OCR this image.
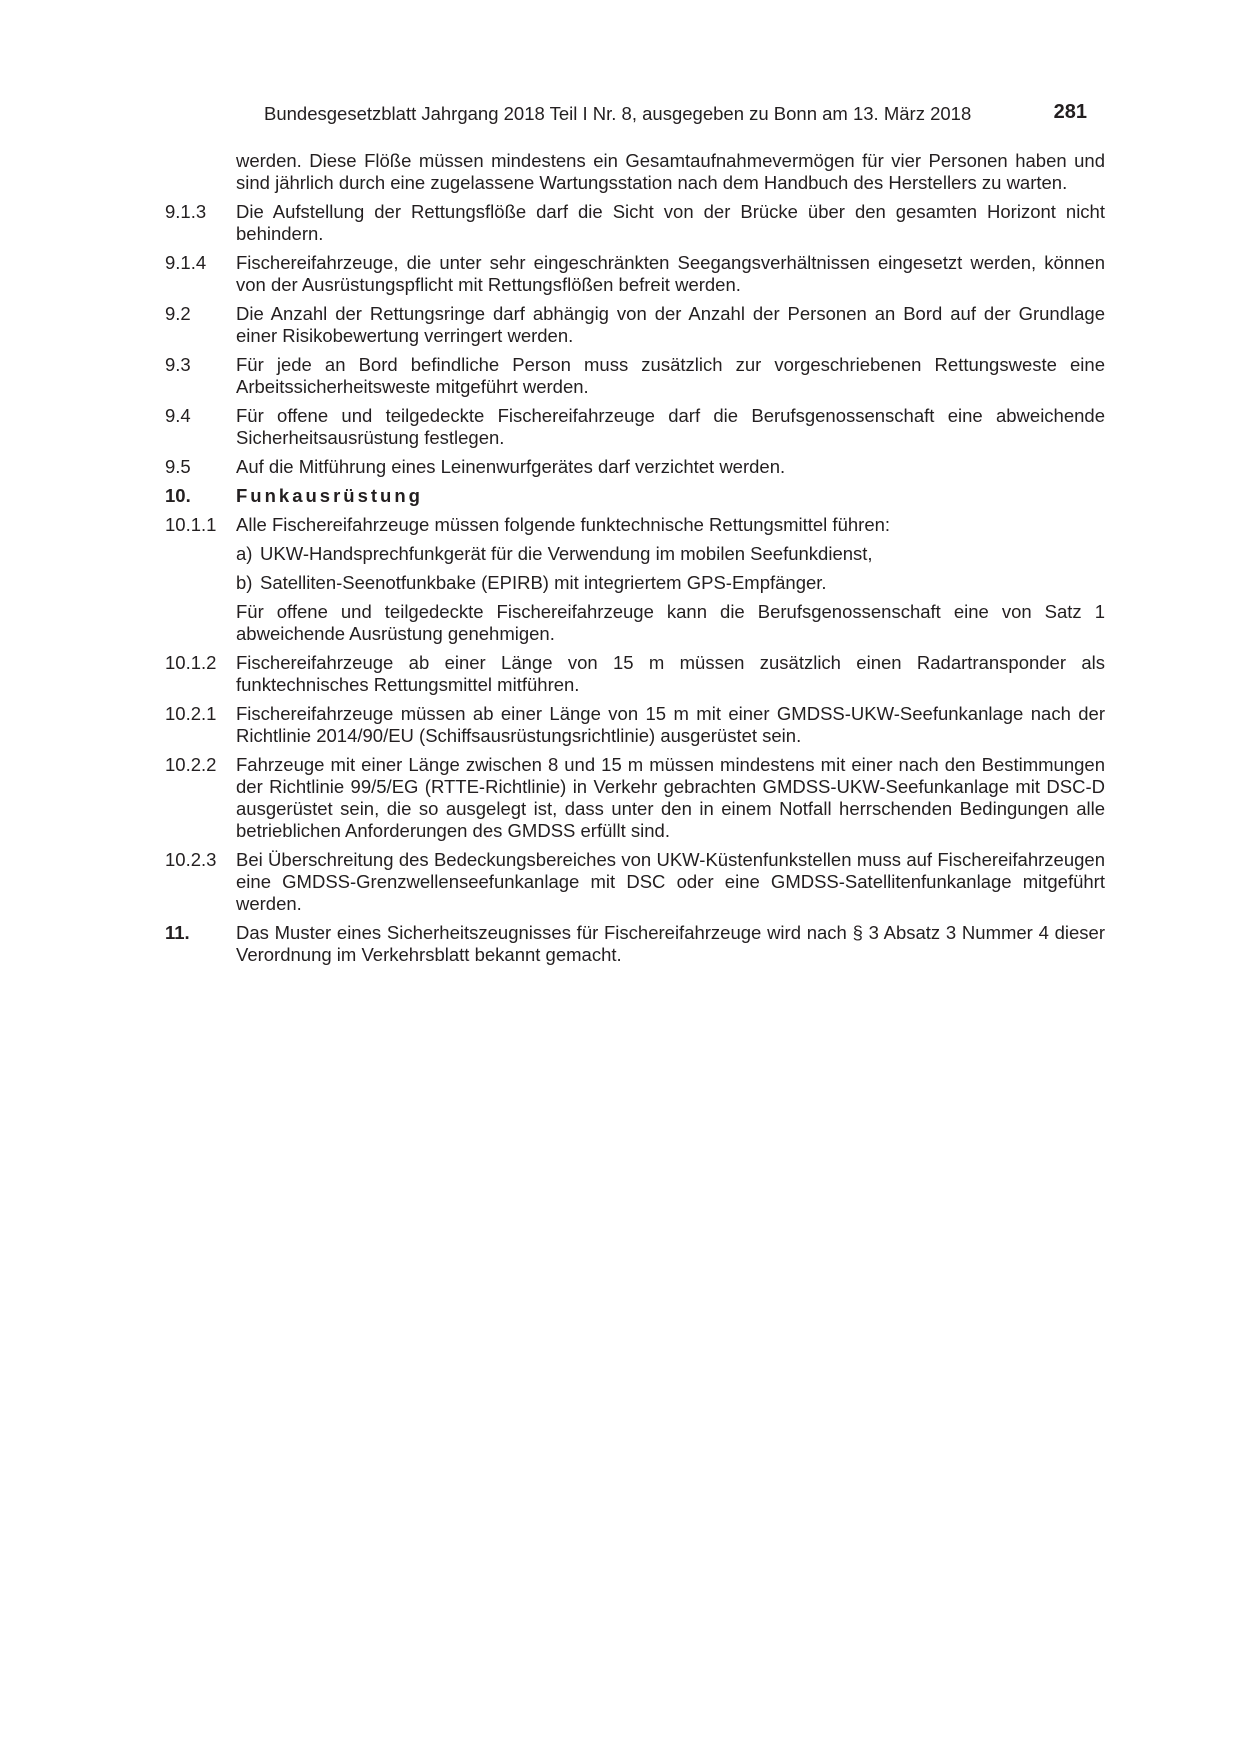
Bundesgesetzblatt Jahrgang 2018 Teil I Nr. 8, ausgegeben zu Bonn am 13. März 2018	281
werden. Diese Flöße müssen mindestens ein Gesamtaufnahmevermögen für vier Personen haben und sind jährlich durch eine zugelassene Wartungsstation nach dem Handbuch des Herstellers zu warten.
9.1.3	Die Aufstellung der Rettungsflöße darf die Sicht von der Brücke über den gesamten Horizont nicht behindern.
9.1.4	Fischereifahrzeuge, die unter sehr eingeschränkten Seegangsverhältnissen eingesetzt werden, können von der Ausrüstungspflicht mit Rettungsflößen befreit werden.
9.2	Die Anzahl der Rettungsringe darf abhängig von der Anzahl der Personen an Bord auf der Grundlage einer Risikobewertung verringert werden.
9.3	Für jede an Bord befindliche Person muss zusätzlich zur vorgeschriebenen Rettungsweste eine Arbeitssicherheitsweste mitgeführt werden.
9.4	Für offene und teilgedeckte Fischereifahrzeuge darf die Berufsgenossenschaft eine abweichende Sicherheitsausrüstung festlegen.
9.5	Auf die Mitführung eines Leinenwurfgerätes darf verzichtet werden.
10.	Funkausrüstung
10.1.1	Alle Fischereifahrzeuge müssen folgende funktechnische Rettungsmittel führen:
a) UKW-Handsprechfunkgerät für die Verwendung im mobilen Seefunkdienst,
b) Satelliten-Seenotfunkbake (EPIRB) mit integriertem GPS-Empfänger.
Für offene und teilgedeckte Fischereifahrzeuge kann die Berufsgenossenschaft eine von Satz 1 abweichende Ausrüstung genehmigen.
10.1.2	Fischereifahrzeuge ab einer Länge von 15 m müssen zusätzlich einen Radartransponder als funktechnisches Rettungsmittel mitführen.
10.2.1	Fischereifahrzeuge müssen ab einer Länge von 15 m mit einer GMDSS-UKW-Seefunkanlage nach der Richtlinie 2014/90/EU (Schiffsausrüstungsrichtlinie) ausgerüstet sein.
10.2.2	Fahrzeuge mit einer Länge zwischen 8 und 15 m müssen mindestens mit einer nach den Bestimmungen der Richtlinie 99/5/EG (RTTE-Richtlinie) in Verkehr gebrachten GMDSS-UKW-Seefunkanlage mit DSC-D ausgerüstet sein, die so ausgelegt ist, dass unter den in einem Notfall herrschenden Bedingungen alle betrieblichen Anforderungen des GMDSS erfüllt sind.
10.2.3	Bei Überschreitung des Bedeckungsbereiches von UKW-Küstenfunkstellen muss auf Fischereifahrzeugen eine GMDSS-Grenzwellenseefunkanlage mit DSC oder eine GMDSS-Satellitenfunkanlage mitgeführt werden.
11.	Das Muster eines Sicherheitszeugnisses für Fischereifahrzeuge wird nach § 3 Absatz 3 Nummer 4 dieser Verordnung im Verkehrsblatt bekannt gemacht.
